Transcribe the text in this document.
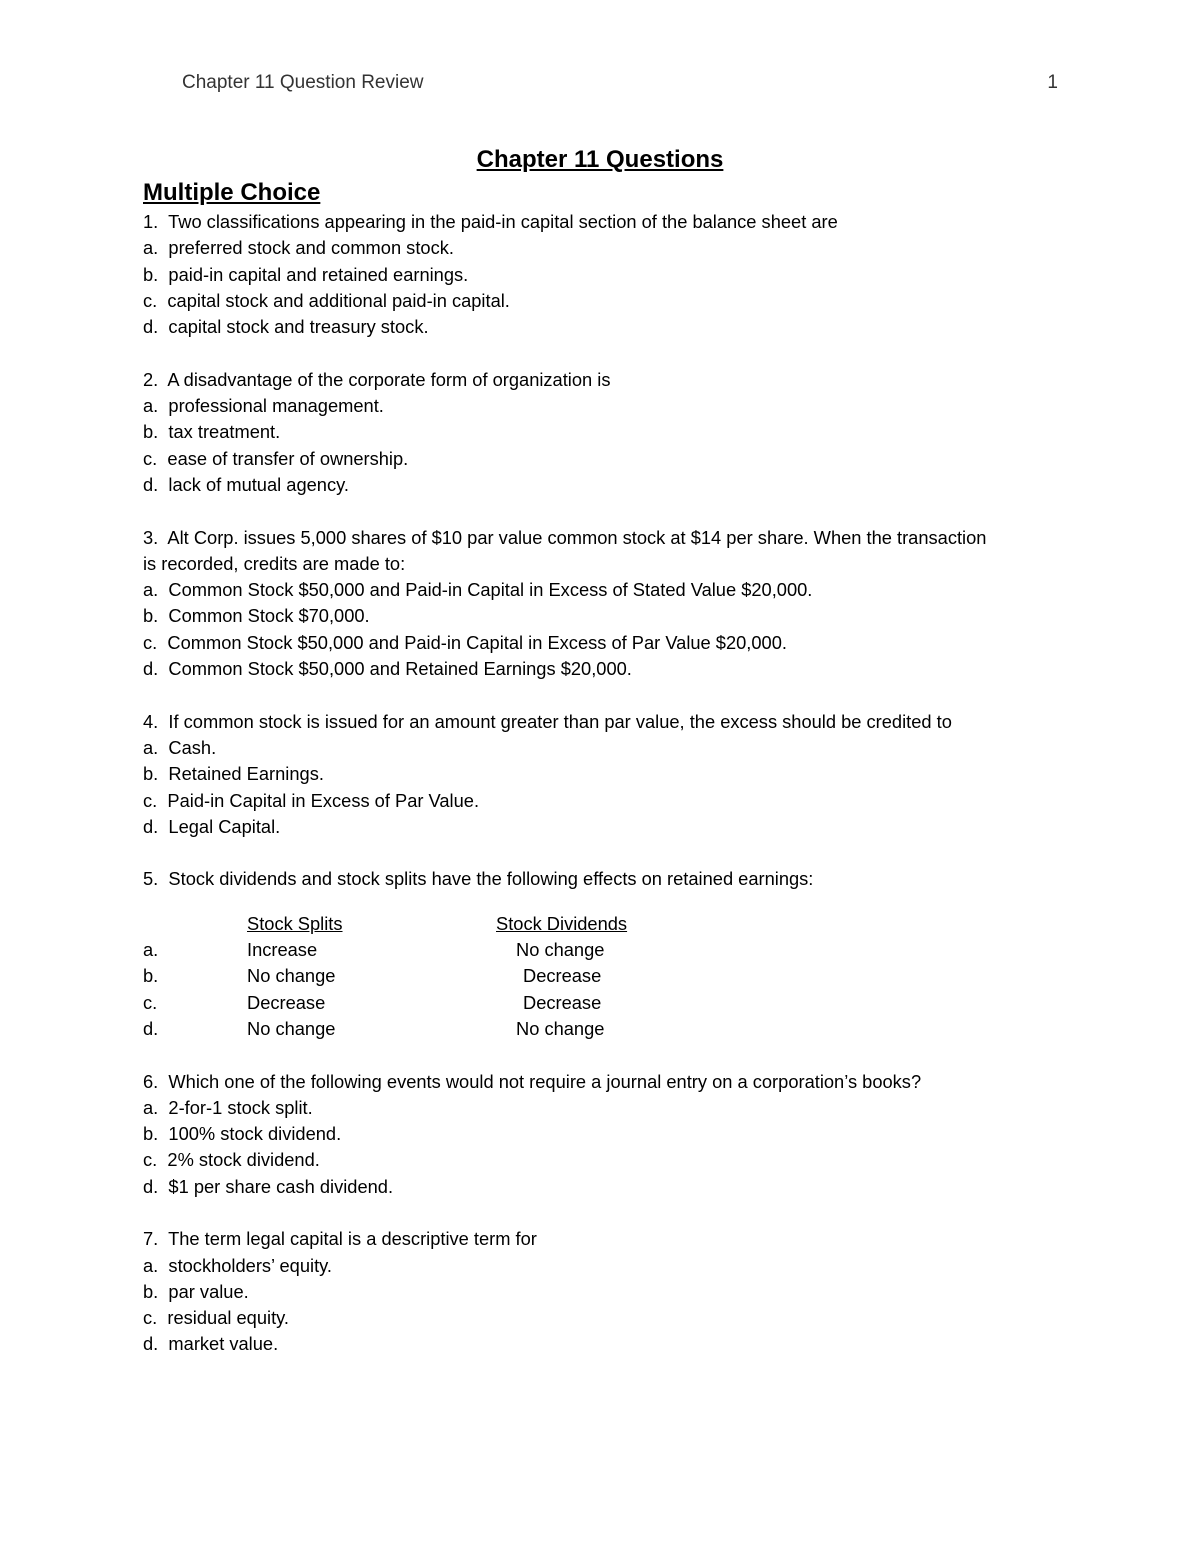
Chapter 11 Question Review	1
Chapter 11 Questions
Multiple Choice
1. Two classifications appearing in the paid-in capital section of the balance sheet are
a. preferred stock and common stock.
b. paid-in capital and retained earnings.
c. capital stock and additional paid-in capital.
d. capital stock and treasury stock.
2. A disadvantage of the corporate form of organization is
a. professional management.
b. tax treatment.
c. ease of transfer of ownership.
d. lack of mutual agency.
3. Alt Corp. issues 5,000 shares of $10 par value common stock at $14 per share. When the transaction
is recorded, credits are made to:
a. Common Stock $50,000 and Paid-in Capital in Excess of Stated Value $20,000.
b. Common Stock $70,000.
c. Common Stock $50,000 and Paid-in Capital in Excess of Par Value $20,000.
d. Common Stock $50,000 and Retained Earnings $20,000.
4. If common stock is issued for an amount greater than par value, the excess should be credited to
a. Cash.
b. Retained Earnings.
c. Paid-in Capital in Excess of Par Value.
d. Legal Capital.
5. Stock dividends and stock splits have the following effects on retained earnings:
Stock Splits	Stock Dividends
a.	Increase	No change
b.	No change	Decrease
c.	Decrease	Decrease
d.	No change	No change
6. Which one of the following events would not require a journal entry on a corporation’s books?
a. 2-for-1 stock split.
b. 100% stock dividend.
c. 2% stock dividend.
d. $1 per share cash dividend.
7. The term legal capital is a descriptive term for
a. stockholders’ equity.
b. par value.
c. residual equity.
d. market value.
